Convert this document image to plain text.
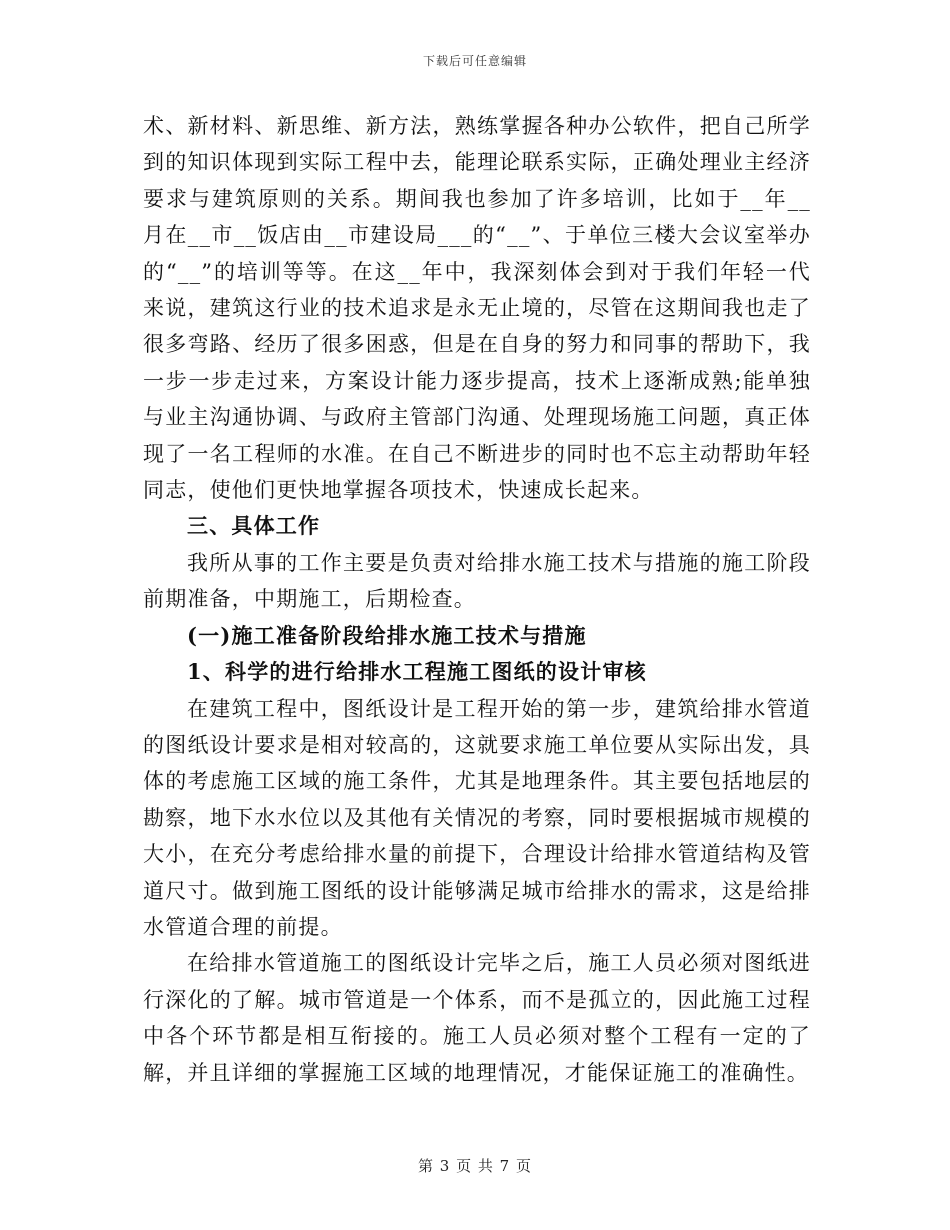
下载后可任意编辑

术、新材料、新思维、新方法，熟练掌握各种办公软件，把自己所学到的知识体现到实际工程中去，能理论联系实际，正确处理业主经济要求与建筑原则的关系。期间我也参加了许多培训，比如于__年__月在__市__饭店由__市建设局___的“__”、于单位三楼大会议室举办的“__”的培训等等。在这__年中，我深刻体会到对于我们年轻一代来说，建筑这行业的技术追求是永无止境的，尽管在这期间我也走了很多弯路、经历了很多困惑，但是在自身的努力和同事的帮助下，我一步一步走过来，方案设计能力逐步提高，技术上逐渐成熟;能单独与业主沟通协调、与政府主管部门沟通、处理现场施工问题，真正体现了一名工程师的水准。在自己不断进步的同时也不忘主动帮助年轻同志，使他们更快地掌握各项技术，快速成长起来。

三、具体工作

我所从事的工作主要是负责对给排水施工技术与措施的施工阶段前期准备，中期施工，后期检查。

(一)施工准备阶段给排水施工技术与措施

1、科学的进行给排水工程施工图纸的设计审核

在建筑工程中，图纸设计是工程开始的第一步，建筑给排水管道的图纸设计要求是相对较高的，这就要求施工单位要从实际出发，具体的考虑施工区域的施工条件，尤其是地理条件。其主要包括地层的勘察，地下水水位以及其他有关情况的考察，同时要根据城市规模的大小，在充分考虑给排水量的前提下，合理设计给排水管道结构及管道尺寸。做到施工图纸的设计能够满足城市给排水的需求，这是给排水管道合理的前提。

在给排水管道施工的图纸设计完毕之后，施工人员必须对图纸进行深化的了解。城市管道是一个体系，而不是孤立的，因此施工过程中各个环节都是相互衔接的。施工人员必须对整个工程有一定的了解，并且详细的掌握施工区域的地理情况，才能保证施工的准确性。

第 3 页 共 7 页
